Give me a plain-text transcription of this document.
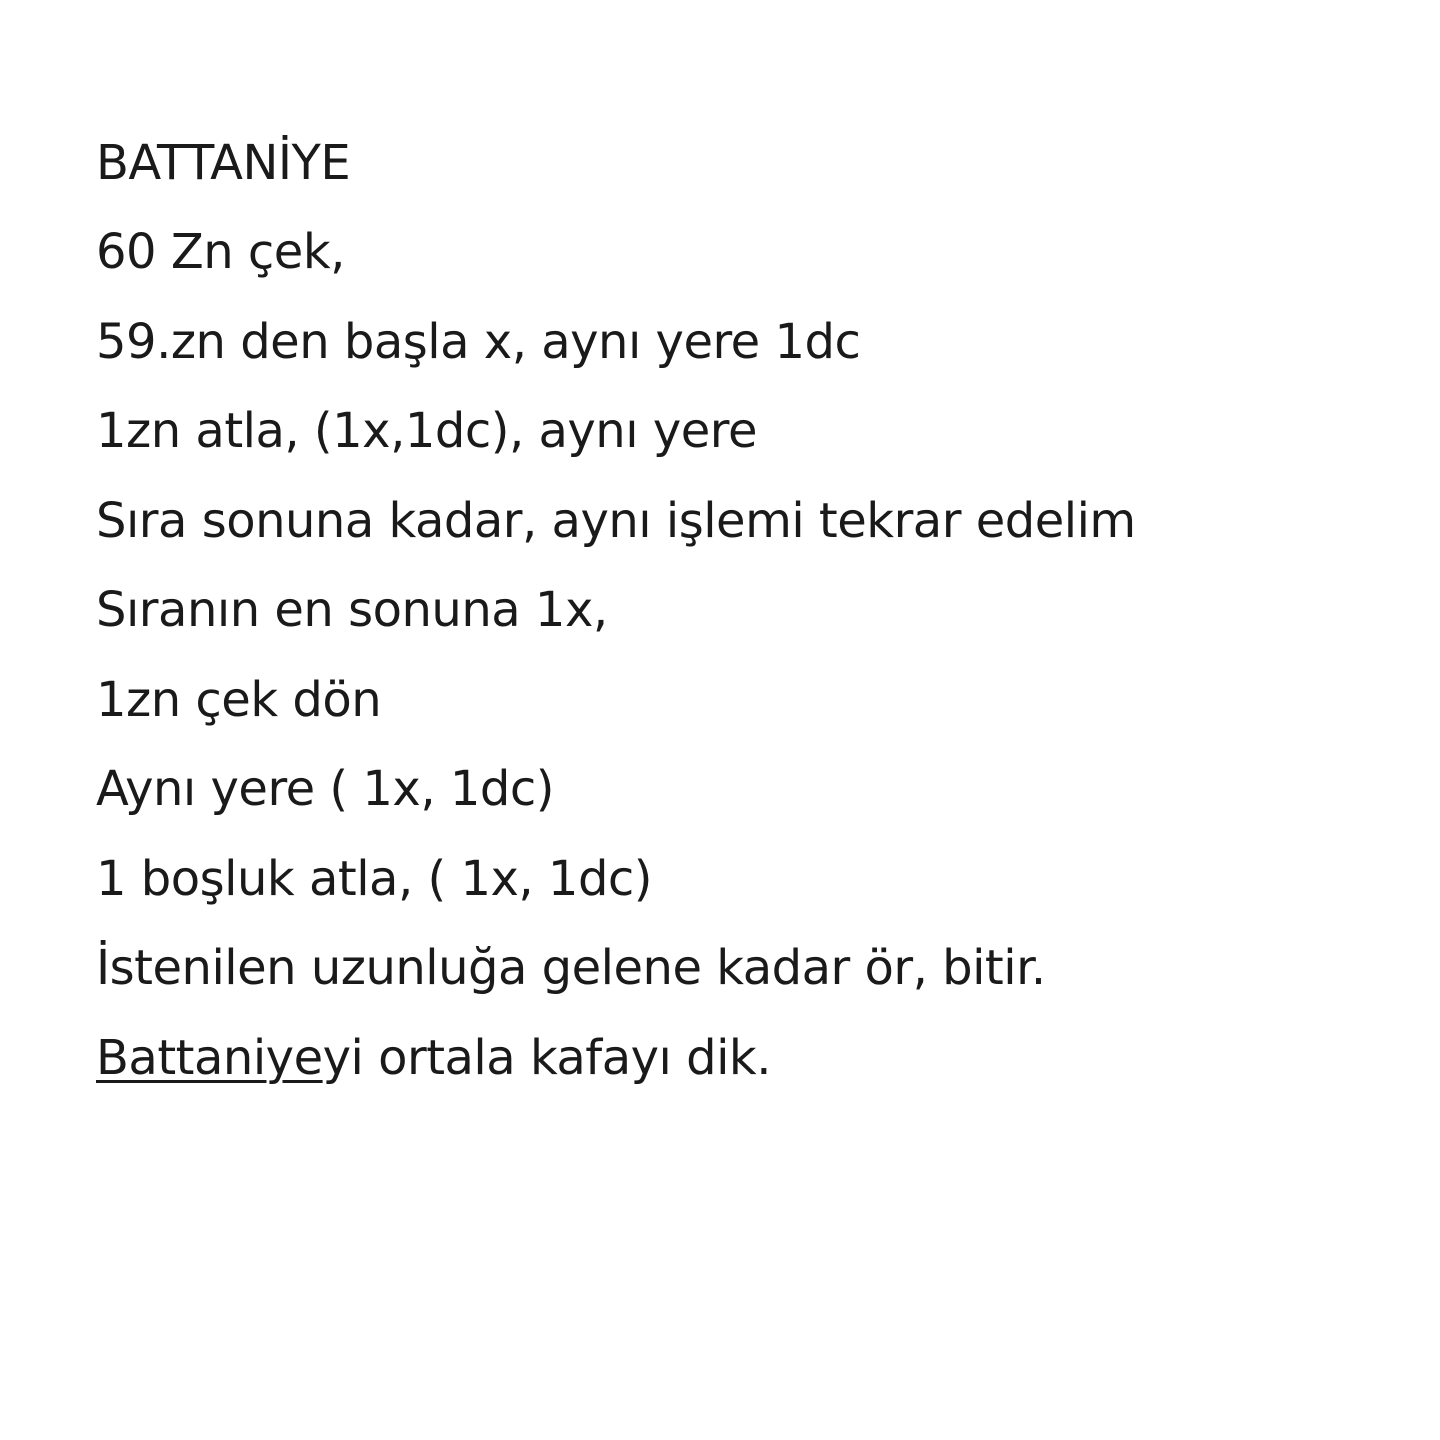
BATTANİYE
60 Zn çek,
59.zn den başla x, aynı yere 1dc
1zn atla, (1x,1dc), aynı yere
Sıra sonuna kadar, aynı işlemi tekrar edelim
Sıranın en sonuna 1x,
1zn çek dön
Aynı yere ( 1x, 1dc)
1 boşluk atla, ( 1x, 1dc)
İstenilen uzunluğa gelene kadar ör, bitir.
Battaniyeyi ortala kafayı dik.
